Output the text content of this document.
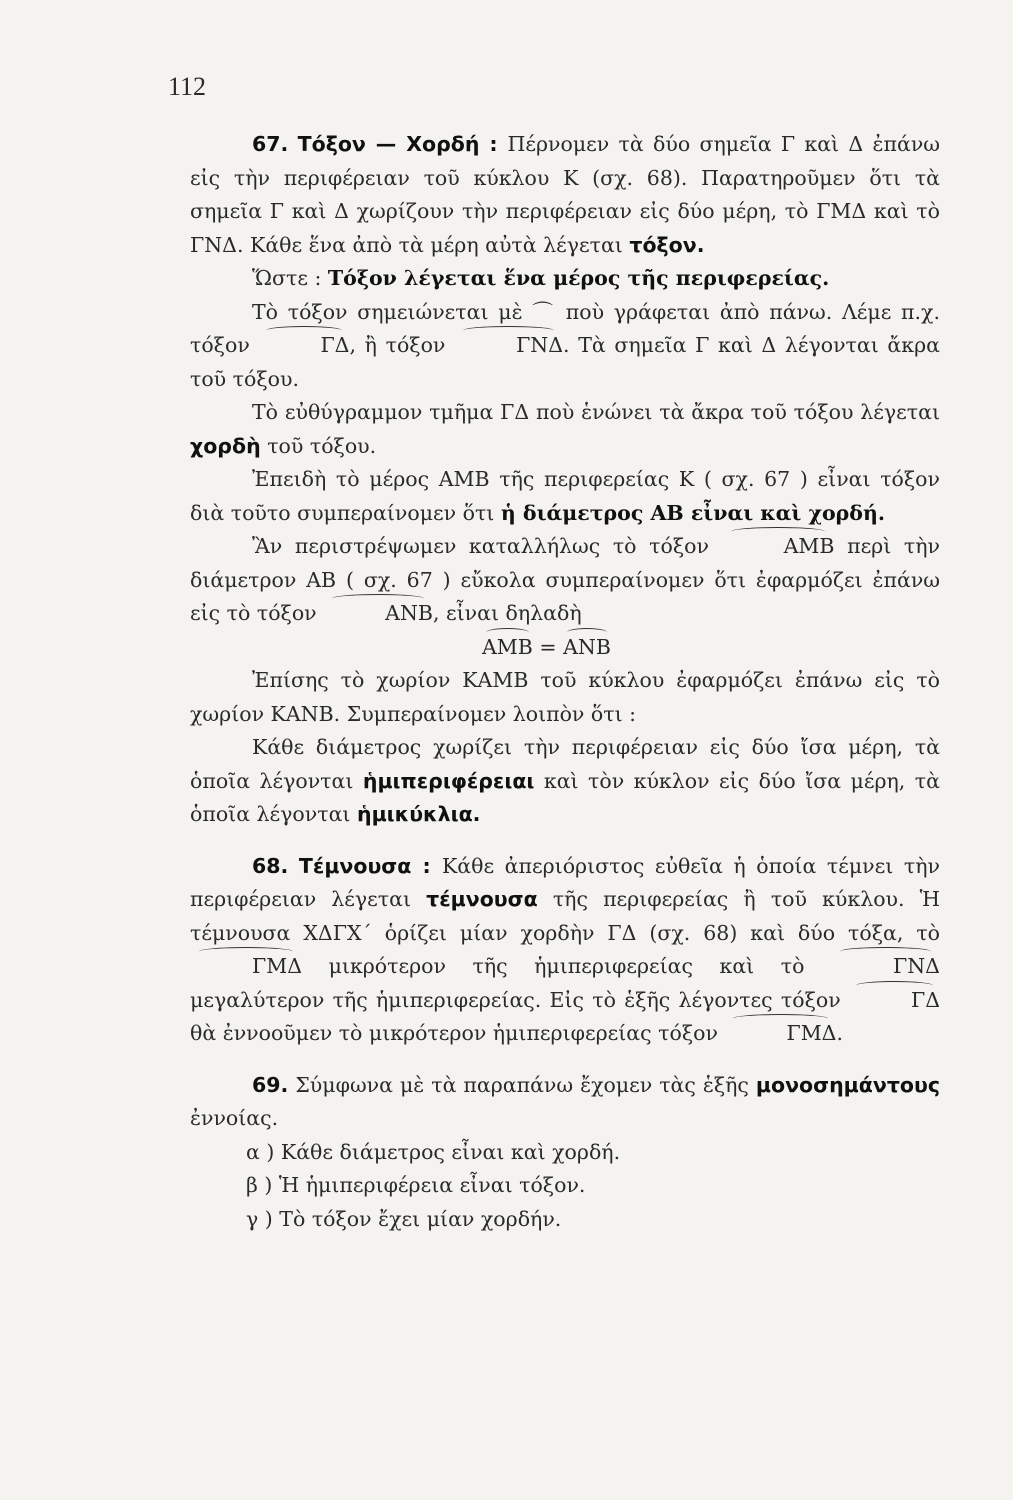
112

67. Τόξον — Χορδή : Πέρνομεν τὰ δύο σημεῖα Γ καὶ Δ ἐπάνω εἰς τὴν περιφέρειαν τοῦ κύκλου Κ (σχ. 68). Παρατηροῦμεν ὅτι τὰ σημεῖα Γ καὶ Δ χωρίζουν τὴν περιφέρειαν εἰς δύο μέρη, τὸ ΓΜΔ καὶ τὸ ΓΝΔ. Κάθε ἕνα ἀπὸ τὰ μέρη αὐτὰ λέγεται τόξον.

Ὥστε : Τόξον λέγεται ἕνα μέρος τῆς περιφερείας.

Τὸ τόξον σημειώνεται μὲ ⌒ ποὺ γράφεται ἀπὸ πάνω. Λέμε π.χ. τόξον	ΓΔ, ἢ τόξον	ΓΝΔ. Τὰ σημεῖα Γ καὶ Δ λέγονται ἄκρα τοῦ τόξου.

Τὸ εὐθύγραμμον τμῆμα ΓΔ ποὺ ἑνώνει τὰ ἄκρα τοῦ τόξου λέγεται χορδὴ τοῦ τόξου.

Ἐπειδὴ τὸ μέρος ΑΜΒ τῆς περιφερείας Κ ( σχ. 67 ) εἶναι τόξον διὰ τοῦτο συμπεραίνομεν ὅτι ἡ διάμετρος ΑΒ εἶναι καὶ χορδή.

Ἂν περιστρέψωμεν καταλλήλως τὸ τόξον	ΑΜΒ περὶ τὴν διάμετρον ΑΒ ( σχ. 67 ) εὔκολα συμπεραίνομεν ὅτι ἐφαρμόζει ἐπάνω εἰς τὸ τόξον	ΑΝΒ, εἶναι δηλαδὴ

ΑΜΒ = ΑΝΒ

Ἐπίσης τὸ χωρίον ΚΑΜΒ τοῦ κύκλου ἐφαρμόζει ἐπάνω εἰς τὸ χωρίον ΚΑΝΒ. Συμπεραίνομεν λοιπὸν ὅτι :

Κάθε διάμετρος χωρίζει τὴν περιφέρειαν εἰς δύο ἴσα μέρη, τὰ ὁποῖα λέγονται ἡμιπεριφέρειαι καὶ τὸν κύκλον εἰς δύο ἴσα μέρη, τὰ ὁποῖα λέγονται ἡμικύκλια.

68. Τέμνουσα : Κάθε ἀπεριόριστος εὐθεῖα ἡ ὁποία τέμνει τὴν περιφέρειαν λέγεται τέμνουσα τῆς περιφερείας ἢ τοῦ κύκλου. Ἡ τέμνουσα ΧΔΓΧ΄ ὁρίζει μίαν χορδὴν ΓΔ (σχ. 68) καὶ δύο τόξα, τὸ ΓΜΔ μικρότερον τῆς ἡμιπεριφερείας καὶ τὸ	ΓΝΔ μεγαλύτερον τῆς ἡμιπεριφερείας. Εἰς τὸ ἑξῆς λέγοντες τόξον	ΓΔ θὰ ἐννοοῦμεν τὸ μικρότερον ἡμιπεριφερείας τόξον	ΓΜΔ.

69. Σύμφωνα μὲ τὰ παραπάνω ἔχομεν τὰς ἑξῆς μονοσημάντους ἐννοίας.

α ) Κάθε διάμετρος εἶναι καὶ χορδή.

β ) Ἡ ἡμιπεριφέρεια εἶναι τόξον.

γ ) Τὸ τόξον ἔχει μίαν χορδήν.
